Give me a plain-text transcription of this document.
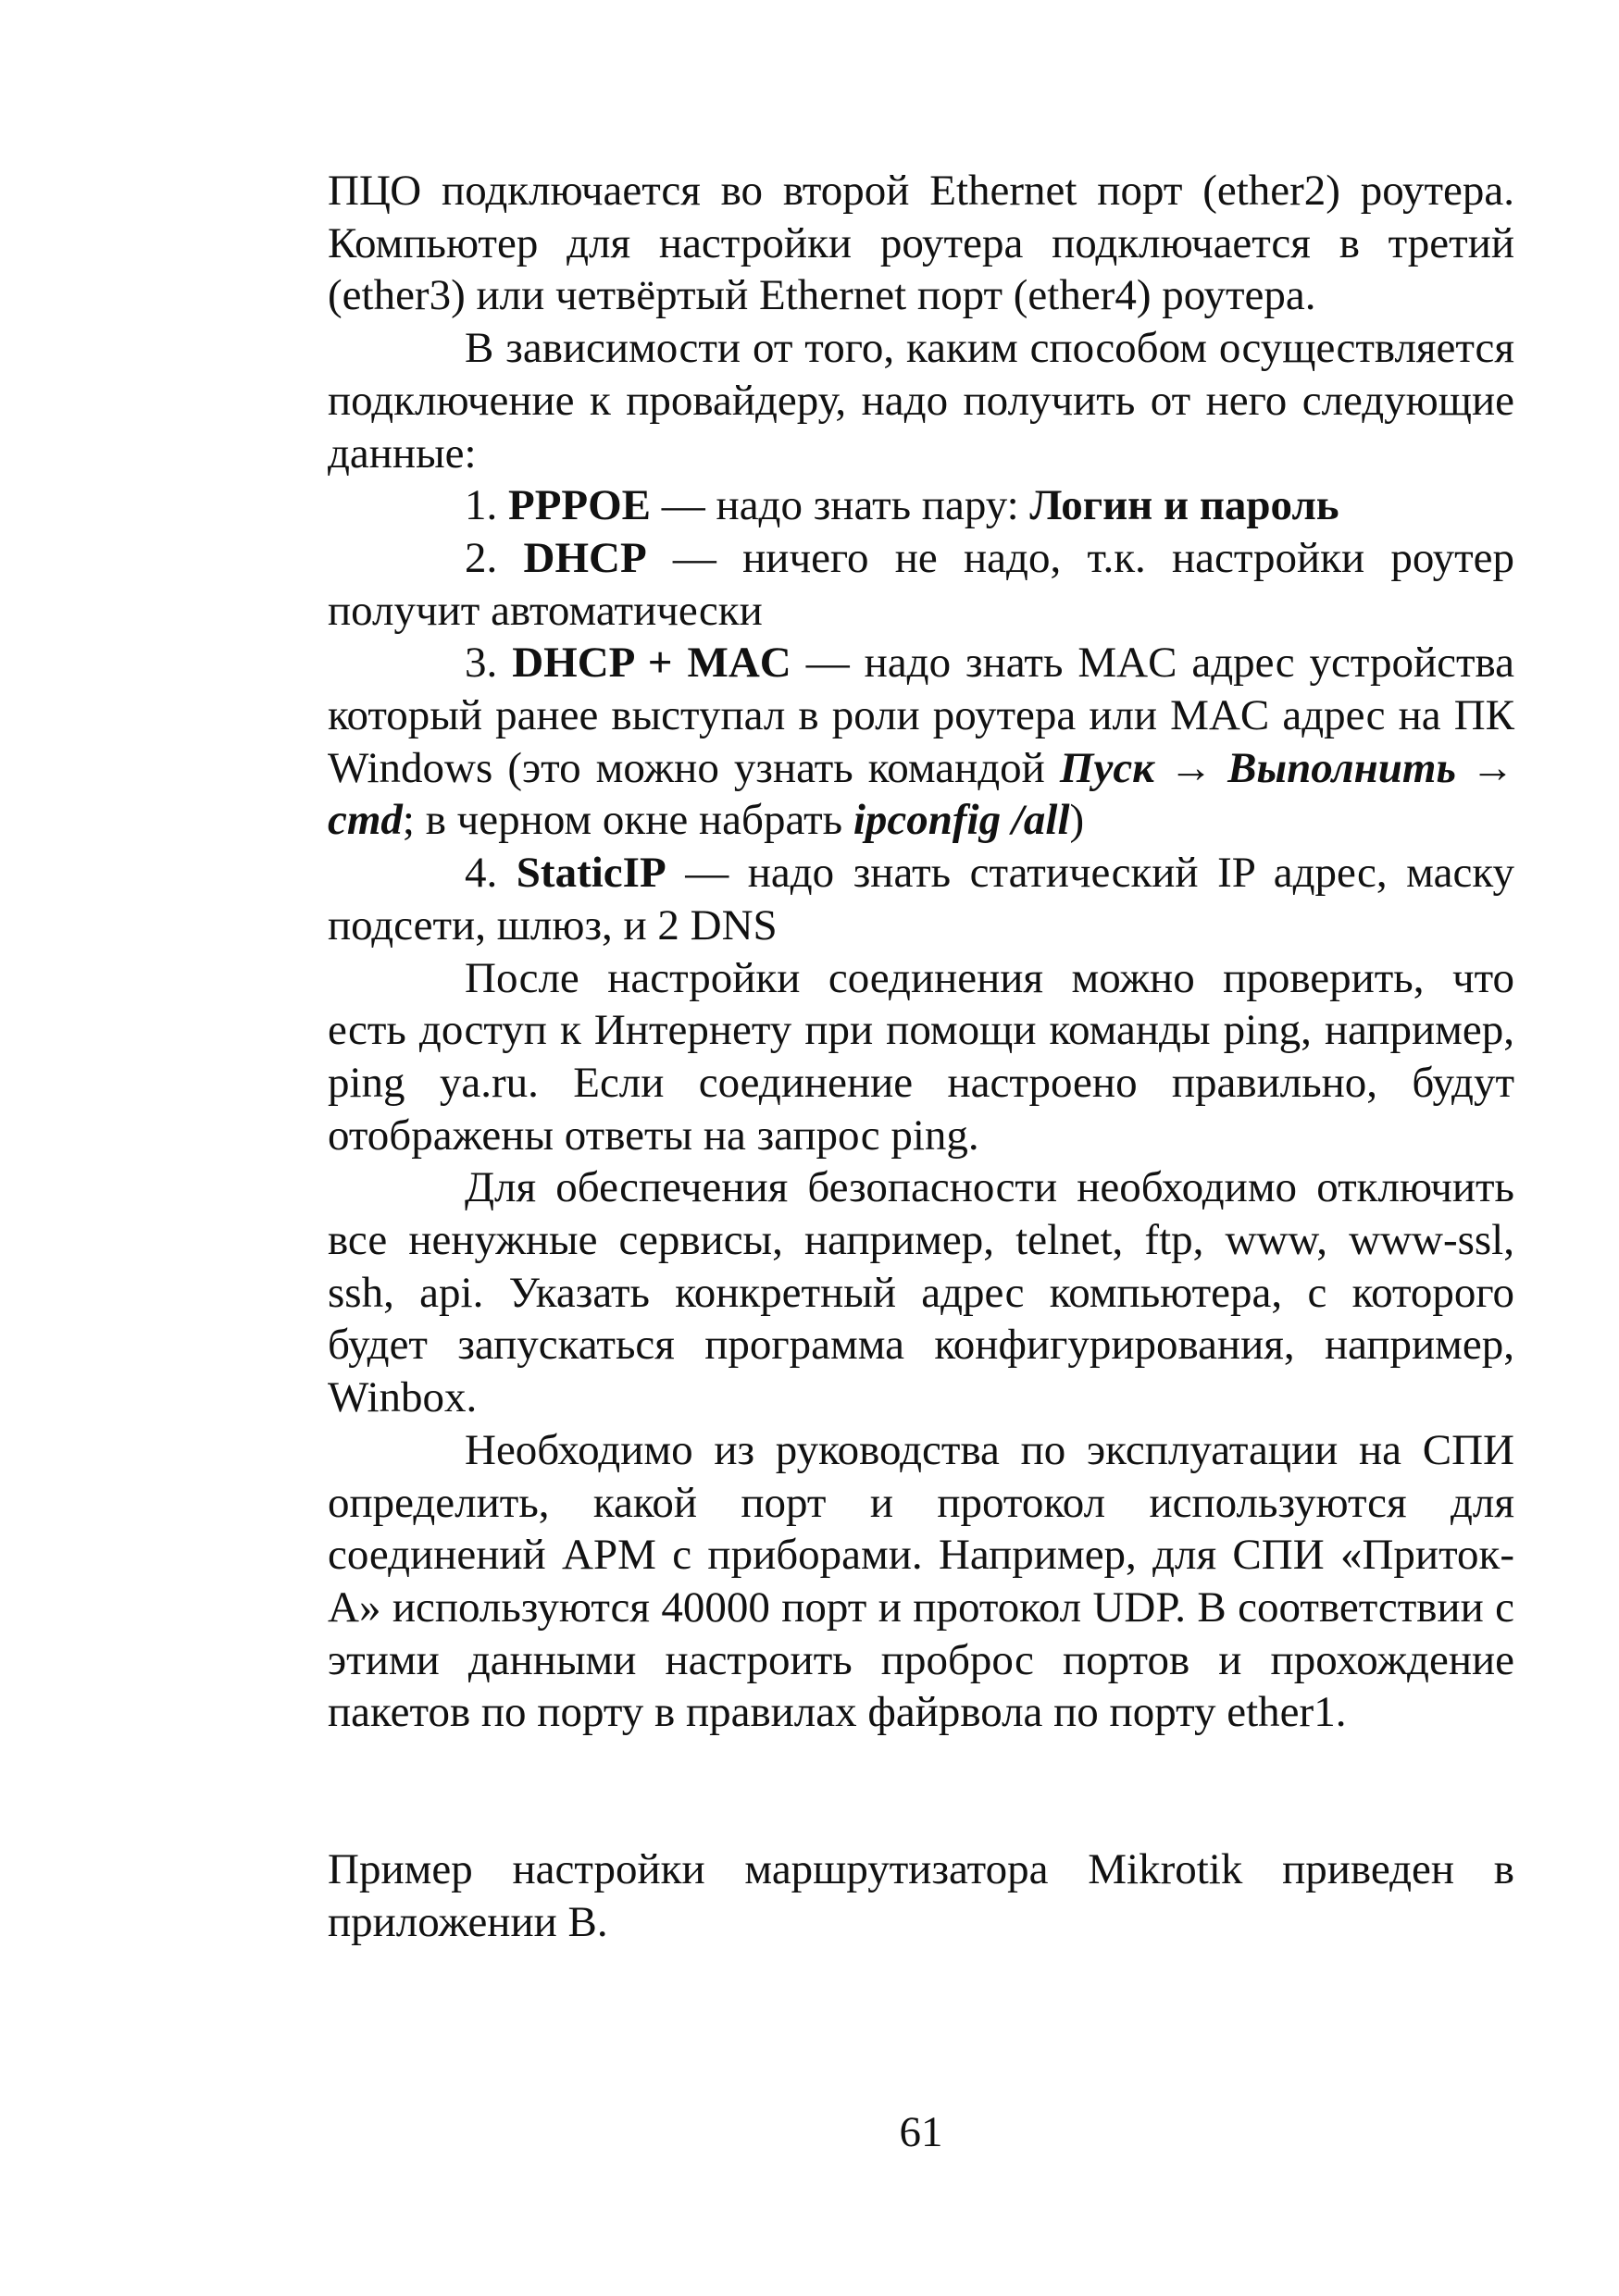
ПЦО подключается во второй Ethernet порт (ether2) роутера. Компьютер для настройки роутера подключается в третий (ether3) или четвёртый Ethernet порт (ether4) роутера.

В зависимости от того, каким способом осуществляется подключение к провайдеру, надо получить от него следующие данные:

1. PPPOE — надо знать пару: Логин и пароль

2. DHCP — ничего не надо, т.к. настройки роутер получит автоматически

3. DHCP + MAC — надо знать MAC адрес устройства который ранее выступал в роли роутера или MAC адрес на ПК Windows (это можно узнать командой Пуск → Выполнить → cmd; в черном окне набрать ipconfig /all)

4. StaticIP — надо знать статический IP адрес, маску подсети, шлюз, и 2 DNS

После настройки соединения можно проверить, что есть доступ к Интернету при помощи команды ping, например, ping ya.ru. Если соединение настроено правильно, будут отображены ответы на запрос ping.

Для обеспечения безопасности необходимо отключить все ненужные сервисы, например, telnet, ftp, www, www-ssl, ssh, api. Указать конкретный адрес компьютера, с которого будет запускаться программа конфигурирования, например, Winbox.

Необходимо из руководства по эксплуатации на СПИ определить, какой порт и протокол используются для соединений АРМ с приборами. Например, для СПИ «Приток-А» используются 40000 порт и протокол UDP. В соответствии с этими данными настроить проброс портов и прохождение пакетов по порту в правилах файрвола по порту ether1.

Пример настройки маршрутизатора Mikrotik приведен в приложении В.

61
